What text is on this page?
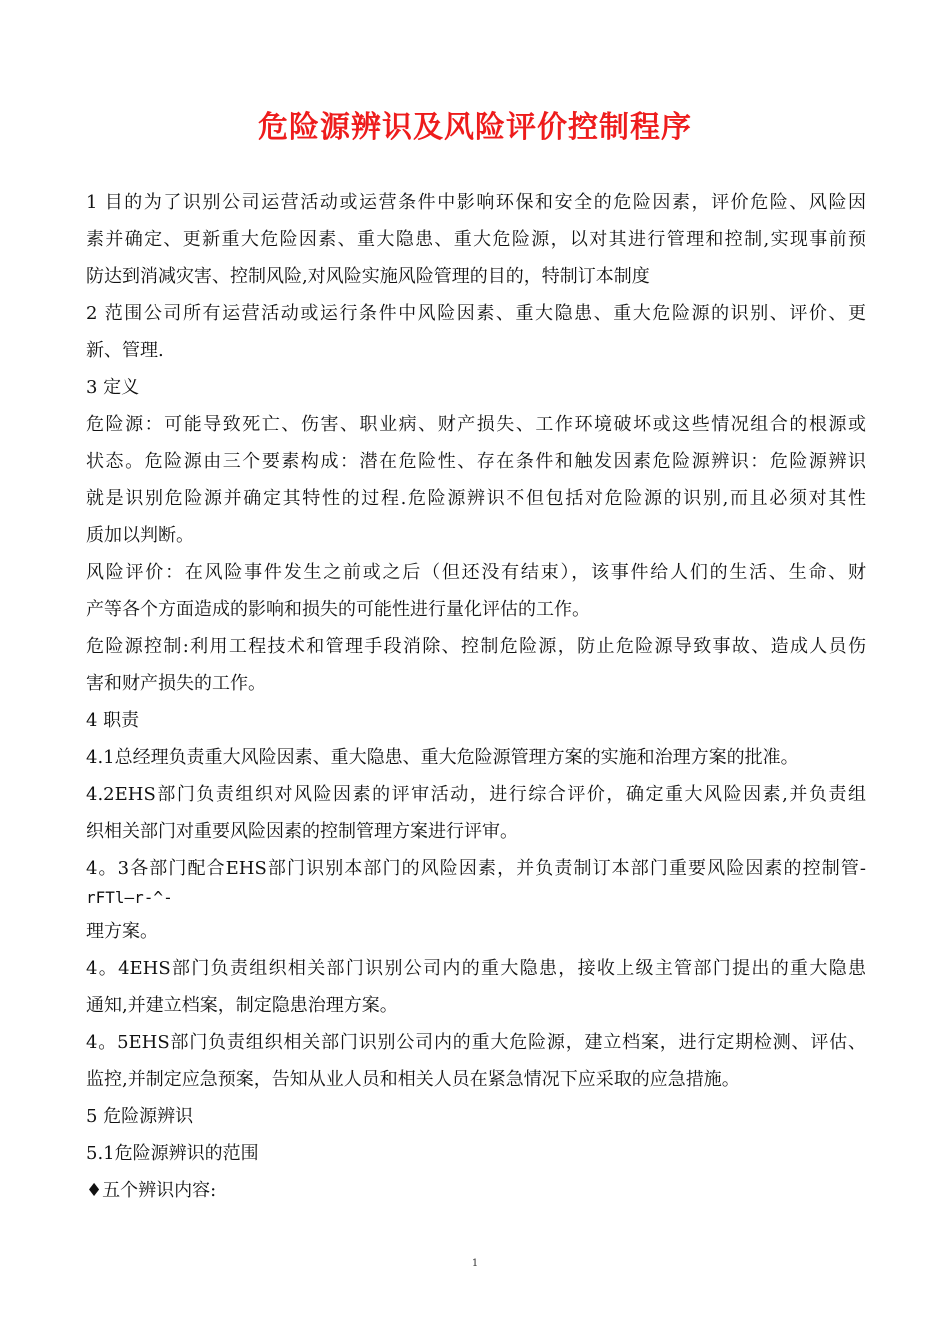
危险源辨识及风险评价控制程序
1 目的为了识别公司运营活动或运营条件中影响环保和安全的危险因素，评价危险、风险因
素并确定、更新重大危险因素、重大隐患、重大危险源，以对其进行管理和控制,实现事前预
防达到消减灾害、控制风险,对风险实施风险管理的目的，特制订本制度
2 范围公司所有运营活动或运行条件中风险因素、重大隐患、重大危险源的识别、评价、更
新、管理.
3 定义
危险源：可能导致死亡、伤害、职业病、财产损失、工作环境破坏或这些情况组合的根源或
状态。危险源由三个要素构成：潜在危险性、存在条件和触发因素危险源辨识：危险源辨识
就是识别危险源并确定其特性的过程.危险源辨识不但包括对危险源的识别,而且必须对其性
质加以判断。
风险评价：在风险事件发生之前或之后（但还没有结束），该事件给人们的生活、生命、财
产等各个方面造成的影响和损失的可能性进行量化评估的工作。
危险源控制:利用工程技术和管理手段消除、控制危险源，防止危险源导致事故、造成人员伤
害和财产损失的工作。
4 职责
4.1总经理负责重大风险因素、重大隐患、重大危险源管理方案的实施和治理方案的批准。
4.2EHS部门负责组织对风险因素的评审活动，进行综合评价，确定重大风险因素,并负责组
织相关部门对重要风险因素的控制管理方案进行评审。
4。3各部门配合EHS部门识别本部门的风险因素，并负责制订本部门重要风险因素的控制管-
rFTl—r-^-
理方案。
4。4EHS部门负责组织相关部门识别公司内的重大隐患，接收上级主管部门提出的重大隐患
通知,并建立档案，制定隐患治理方案。
4。5EHS部门负责组织相关部门识别公司内的重大危险源，建立档案，进行定期检测、评估、
监控,并制定应急预案，告知从业人员和相关人员在紧急情况下应采取的应急措施。
5 危险源辨识
5.1危险源辨识的范围
♦五个辨识内容:
1
